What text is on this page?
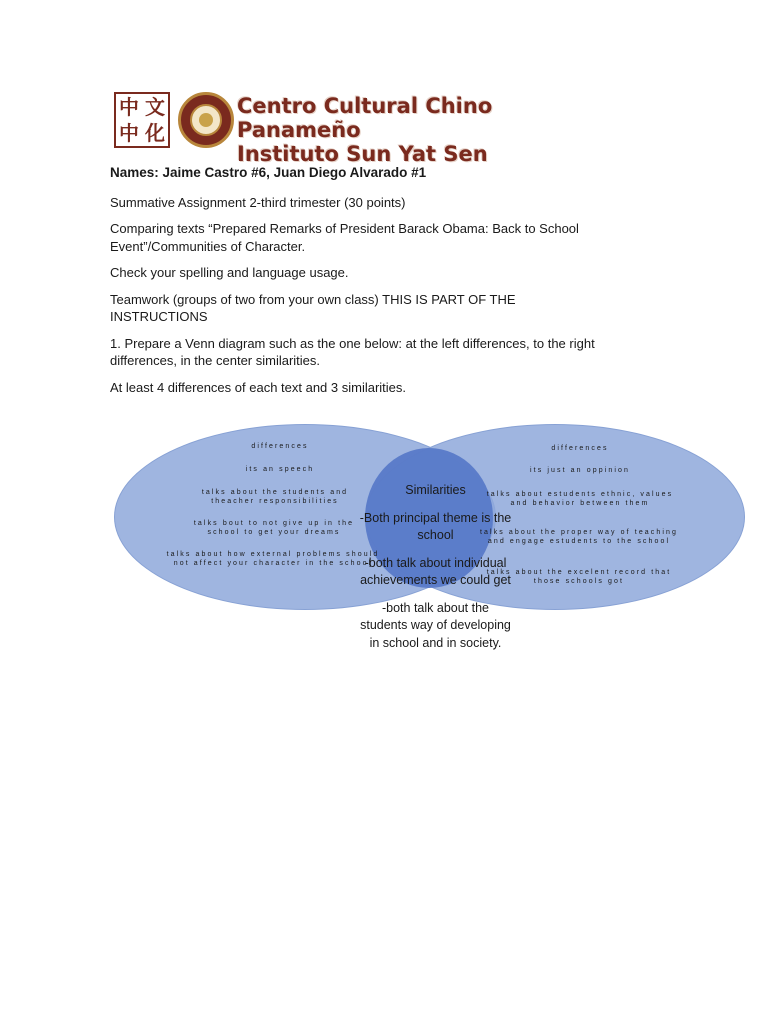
中 文
中 化
Centro Cultural Chino Panameño
Instituto Sun Yat Sen

Names: Jaime Castro #6, Juan Diego Alvarado #1

Summative Assignment 2-third trimester (30 points)

Comparing texts “Prepared Remarks of President Barack Obama: Back to School Event”/Communities of Character.

Check your spelling and language usage.

Teamwork (groups of two from your own class) THIS IS PART OF THE INSTRUCTIONS

1. Prepare a Venn diagram such as the one below: at the left differences, to the right differences, in the center similarities.

At least 4 differences of each text and 3 similarities.

differences
its an speech
talks about the students and theacher responsibilities
talks bout to not give up in the school to get your dreams
talks about how external problems should not affect your character in the school
differences
its just an oppinion
talks about estudents ethnic, values and behavior between them
talks about the proper way of teaching and engage estudents to the school
talks about the excelent record that those schools got

Similarities

-Both principal theme is the school

-both talk about individual achievements we could get

-both talk about the students way of developing in school and in society.
